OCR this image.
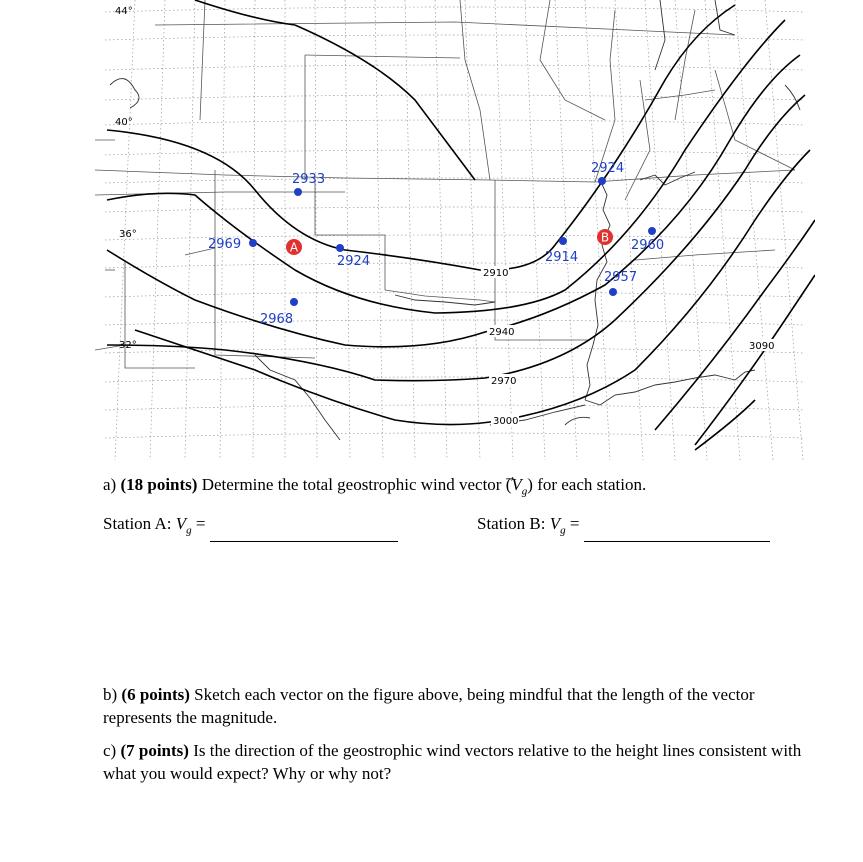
44°
40°
36°
32°
2933
2969
2924
2968
2924
2914
2960
2957
A
B
2910
2940
2970
3000
3090
a) (18 points) Determine the total geostrophic wind vector $(V_g)$ for each station.
Station A: $V_g$ =	Station B: $V_g$ =
b) (6 points) Sketch each vector on the figure above, being mindful that the length of the vector represents the magnitude.
c) (7 points) Is the direction of the geostrophic wind vectors relative to the height lines consistent with what you would expect? Why or why not?
